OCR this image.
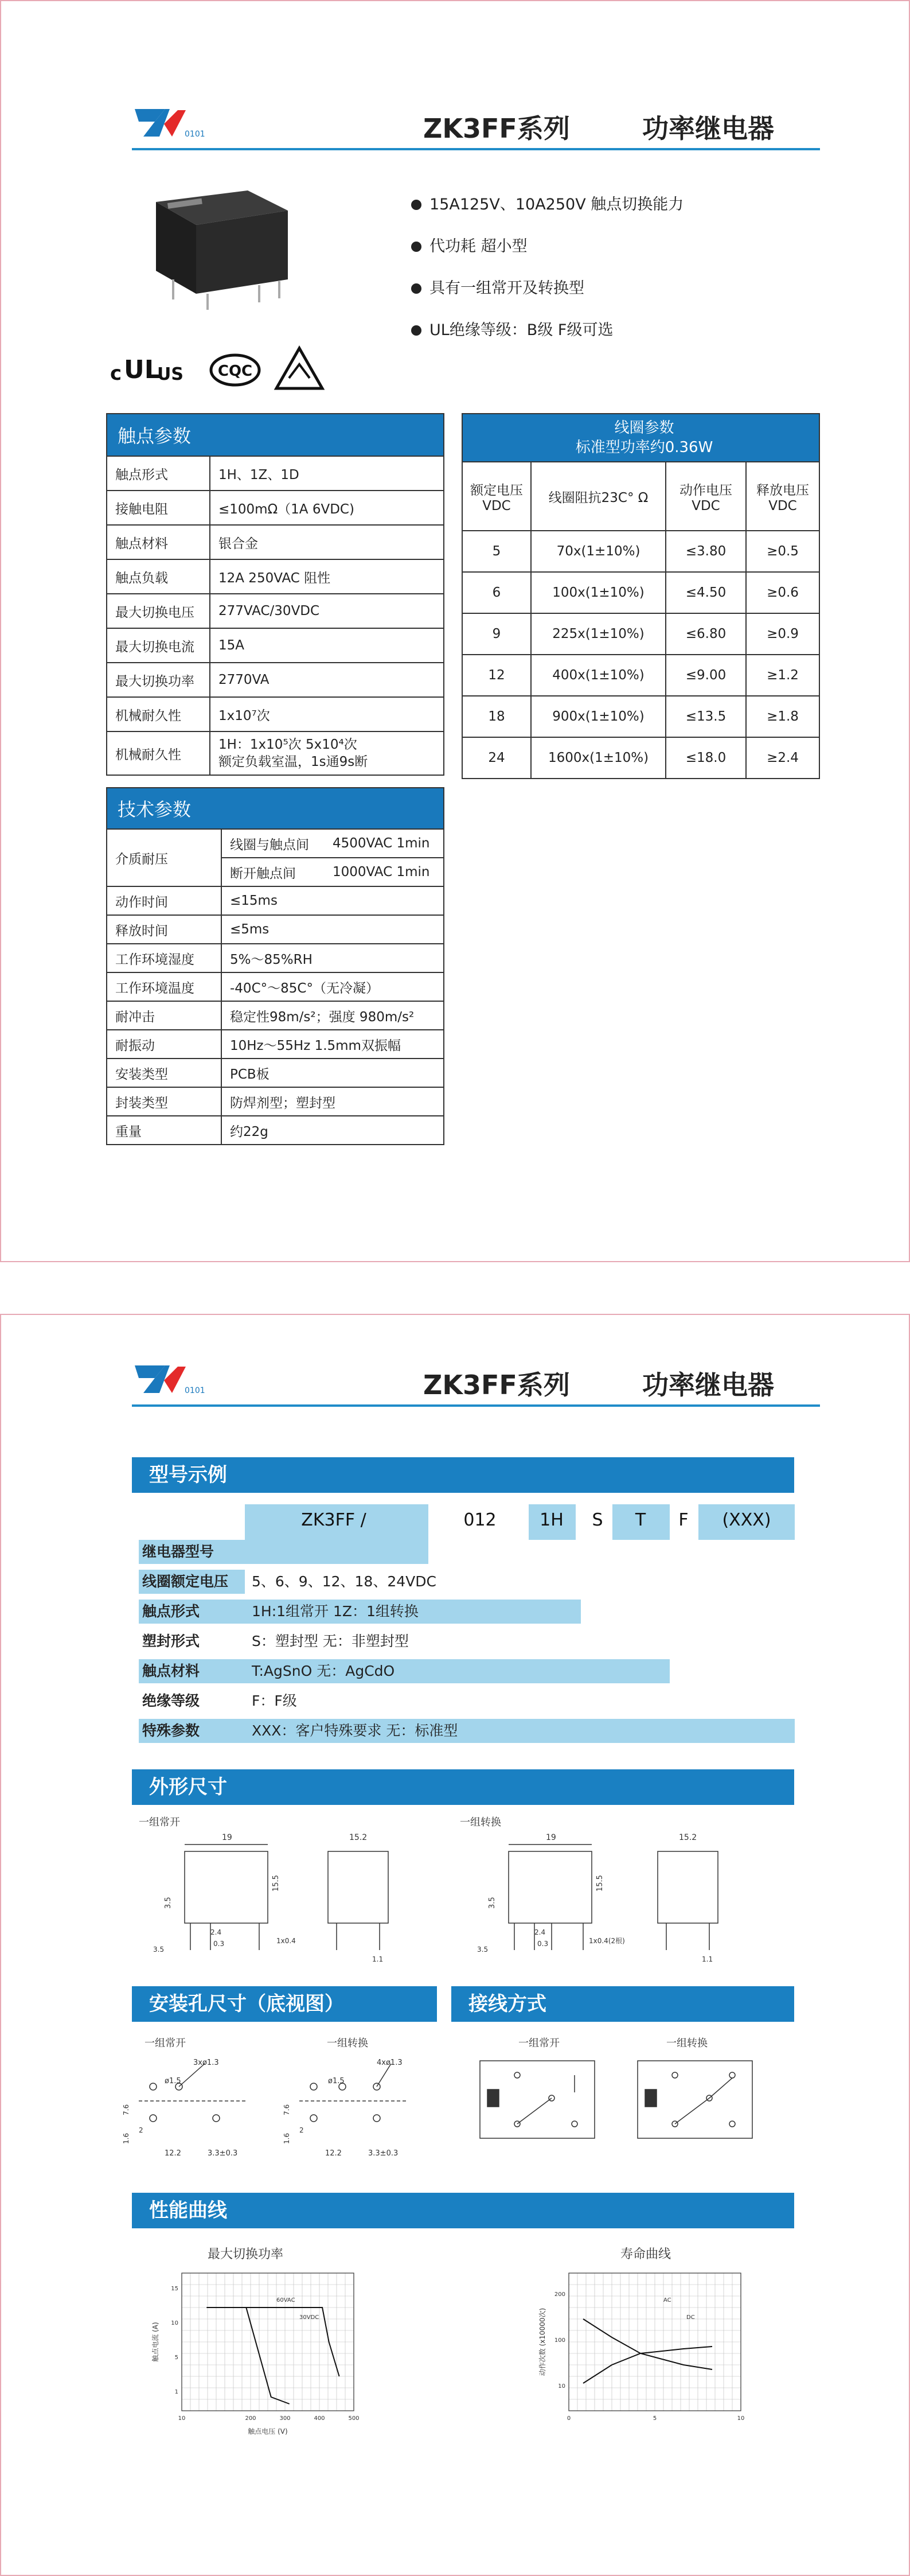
0101	ZK3FF系列	功率继电器
15A125V、10A250V 触点切换能力
代功耗 超小型
具有一组常开及转换型
UL绝缘等级：B级 F级可选
c UL
US CQC
触点参数	
触点形式	1H、1Z、1D
接触电阻	≤100mΩ（1A 6VDC)
触点材料	银合金
触点负载	12A 250VAC 阻性
最大切换电压	277VAC/30VDC
最大切换电流	15A
最大切换功率	2770VA
机械耐久性	1x10⁷次
机械耐久性	1H：1x10⁵次 5x10⁴次
额定负载室温，1s通9s断
线圈参数
标准型功率约0.36W			

额定电压 VDC	线圈阻抗23C° Ω	动作电压 VDC	释放电压 VDC
5	70x(1±10%)	≤3.80	≥0.5
6	100x(1±10%)	≤4.50	≥0.6
9	225x(1±10%)	≤6.80	≥0.9
12	400x(1±10%)	≤9.00	≥1.2
18	900x(1±10%)	≤13.5	≥1.8
24	1600x(1±10%)	≤18.0	≥2.4
技术参数		
介质耐压	线圈与触点间	4500VAC 1min
	断开触点间	1000VAC 1min
动作时间	≤15ms	
释放时间	≤5ms	
工作环境湿度	5%～85%RH	
工作环境温度	-40C°～85C°（无冷凝）	
耐冲击	稳定性98m/s²；强度 980m/s²	
耐振动	10Hz～55Hz 1.5mm双振幅	
安装类型	PCB板	
封装类型	防焊剂型；塑封型	
重量	约22g	
0101	ZK3FF系列	功率继电器
型号示例
ZK3FF /	012	1H	S	T	F	(XXX)
继电器型号
线圈额定电压	5、6、9、12、18、24VDC
触点形式	1H:1组常开 1Z：1组转换
塑封形式	S：塑封型 无：非塑封型
触点材料	T:AgSnO 无：AgCdO
绝缘等级	F：F级
特殊参数	XXX：客户特殊要求 无：标准型
外形尺寸
一组常开	一组转换
19
3.5
15.5
2.4
0.3	1x0.4
3.5
15.2
1.1
19
3.5
15.5
2.4
0.3	1x0.4(2根)
3.5
15.2
1.1
安装孔尺寸（底视图）	接线方式
一组常开	一组转换	一组常开	一组转换
3xø1.3
ø1.5
12.2	3.3±0.3
7.6
1.6
2
4xø1.3
ø1.5
12.2	3.3±0.3
7.6
1.6
2
性能曲线
最大切换功率	寿命曲线
10	200	300	400	500
1
5
10
15
触点电压 (V)
触点电流 (A)
60VAC
30VDC
0	5	10
10
100
200
动作次数 (x10000次)
AC
DC
